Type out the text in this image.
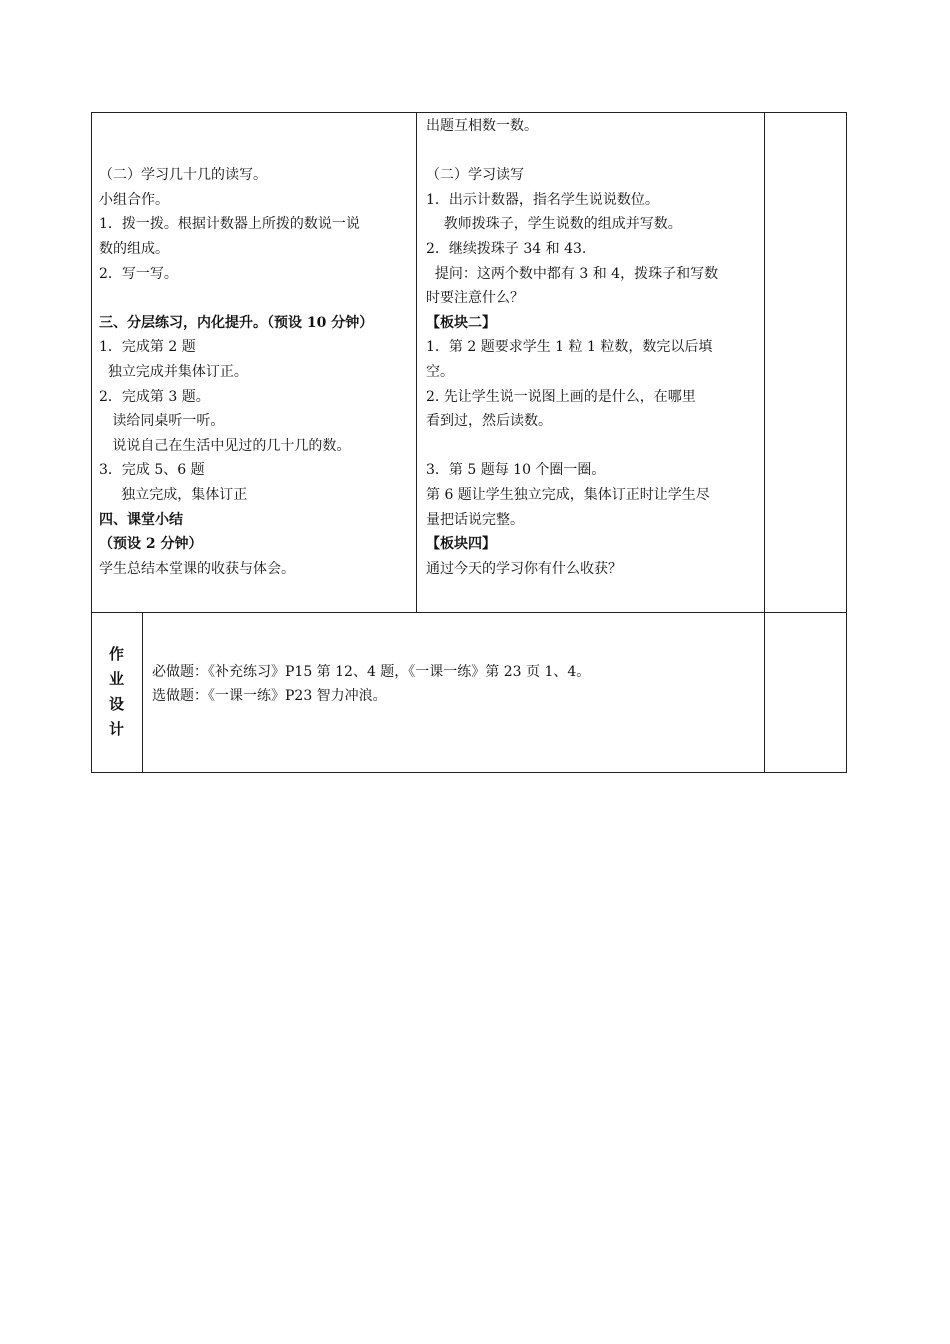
（二）学习几十几的读写。
小组合作。
1．拨一拨。根据计数器上所拨的数说一说
数的组成。
2．写一写。
三、分层练习，内化提升。（预设 10 分钟）
1．完成第 2 题
独立完成并集体订正。
2．完成第 3 题。
读给同桌听一听。
说说自己在生活中见过的几十几的数。
3．完成 5、6 题
独立完成，集体订正
四、课堂小结
（预设 2 分钟）
学生总结本堂课的收获与体会。
出题互相数一数。
（二）学习读写
1．出示计数器，指名学生说说数位。
教师拨珠子，学生说数的组成并写数。
2．继续拨珠子 34 和 43.
提问：这两个数中都有 3 和 4，拨珠子和写数
时要注意什么？
【板块二】
1．第 2 题要求学生 1 粒 1 粒数，数完以后填
空。
2. 先让学生说一说图上画的是什么，在哪里
看到过，然后读数。
3．第 5 题每 10 个圈一圈。
第 6 题让学生独立完成，集体订正时让学生尽
量把话说完整。
【板块四】
通过今天的学习你有什么收获？
作
业
设
计
必做题：《补充练习》P15 第 12、4 题，《一课一练》第 23 页 1、4。
选做题：《一课一练》P23 智力冲浪。
